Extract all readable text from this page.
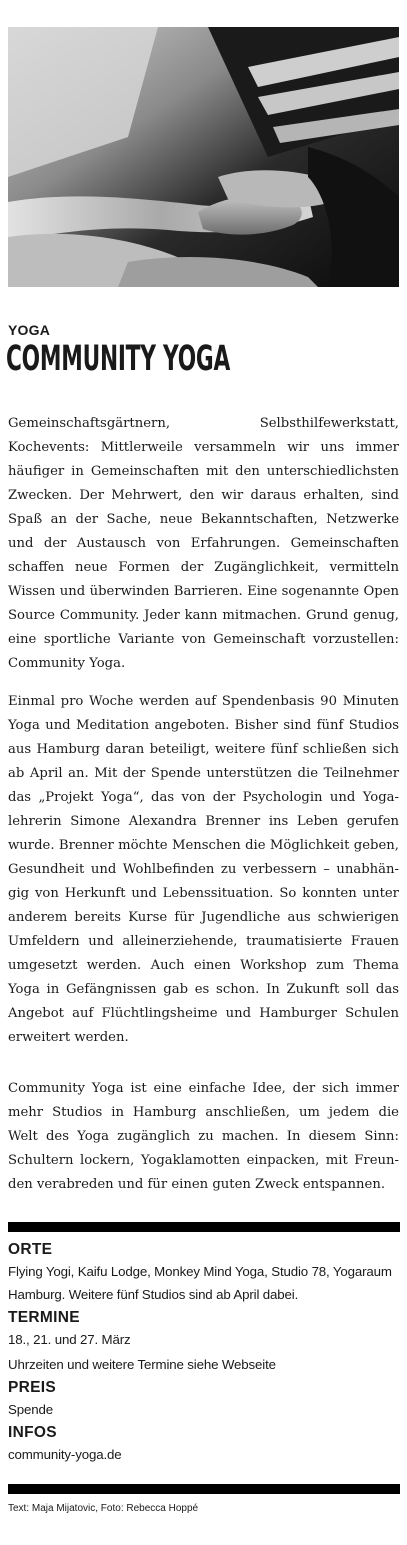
YOGA

COMMUNITY YOGA

Gemeinschaftsgärtnern, Selbsthilfewerkstatt, Kochevents: Mittlerweile versammeln wir uns immer häufiger in Gemeinschaften mit den unterschiedlichsten Zwecken. Der Mehrwert, den wir daraus erhalten, sind Spaß an der Sache, neue Bekanntschaften, Netzwerke und der Austausch von Erfahrungen. Gemeinschaften schaffen neue Formen der Zugänglichkeit, vermitteln Wissen und überwinden Barrieren. Eine sogenannte Open Source Community. Jeder kann mitmachen. Grund genug, eine sportliche Variante von Gemeinschaft vorzustellen: Community Yoga.

Einmal pro Woche werden auf Spendenbasis 90 Minuten Yoga und Meditation angeboten. Bisher sind fünf Studios aus Hamburg daran beteiligt, weitere fünf schließen sich ab April an. Mit der Spende unterstützen die Teilnehmer das „Projekt Yoga“, das von der Psychologin und Yogalehrerin Simone Alexandra Brenner ins Leben gerufen wurde. Brenner möchte Menschen die Möglichkeit geben, Gesundheit und Wohlbefinden zu verbessern – unabhängig von Herkunft und Lebenssituation. So konnten unter anderem bereits Kurse für Jugendliche aus schwierigen Umfeldern und alleinerziehende, traumatisierte Frauen umgesetzt werden. Auch einen Workshop zum Thema Yoga in Gefängnissen gab es schon. In Zukunft soll das Angebot auf Flüchtlingsheime und Hamburger Schulen erweitert werden.

Community Yoga ist eine einfache Idee, der sich immer mehr Studios in Hamburg anschließen, um jedem die Welt des Yoga zugänglich zu machen. In diesem Sinn: Schultern lockern, Yogaklamotten einpacken, mit Freunden verabreden und für einen guten Zweck entspannen.

ORTE

Flying Yogi, Kaifu Lodge, Monkey Mind Yoga, Studio 78, Yogaraum Hamburg. Weitere fünf Studios sind ab April dabei.

TERMINE

18., 21. und 27. März

Uhrzeiten und weitere Termine siehe Webseite

PREIS

Spende

INFOS

community-yoga.de

Text: Maja Mijatovic, Foto: Rebecca Hoppé
